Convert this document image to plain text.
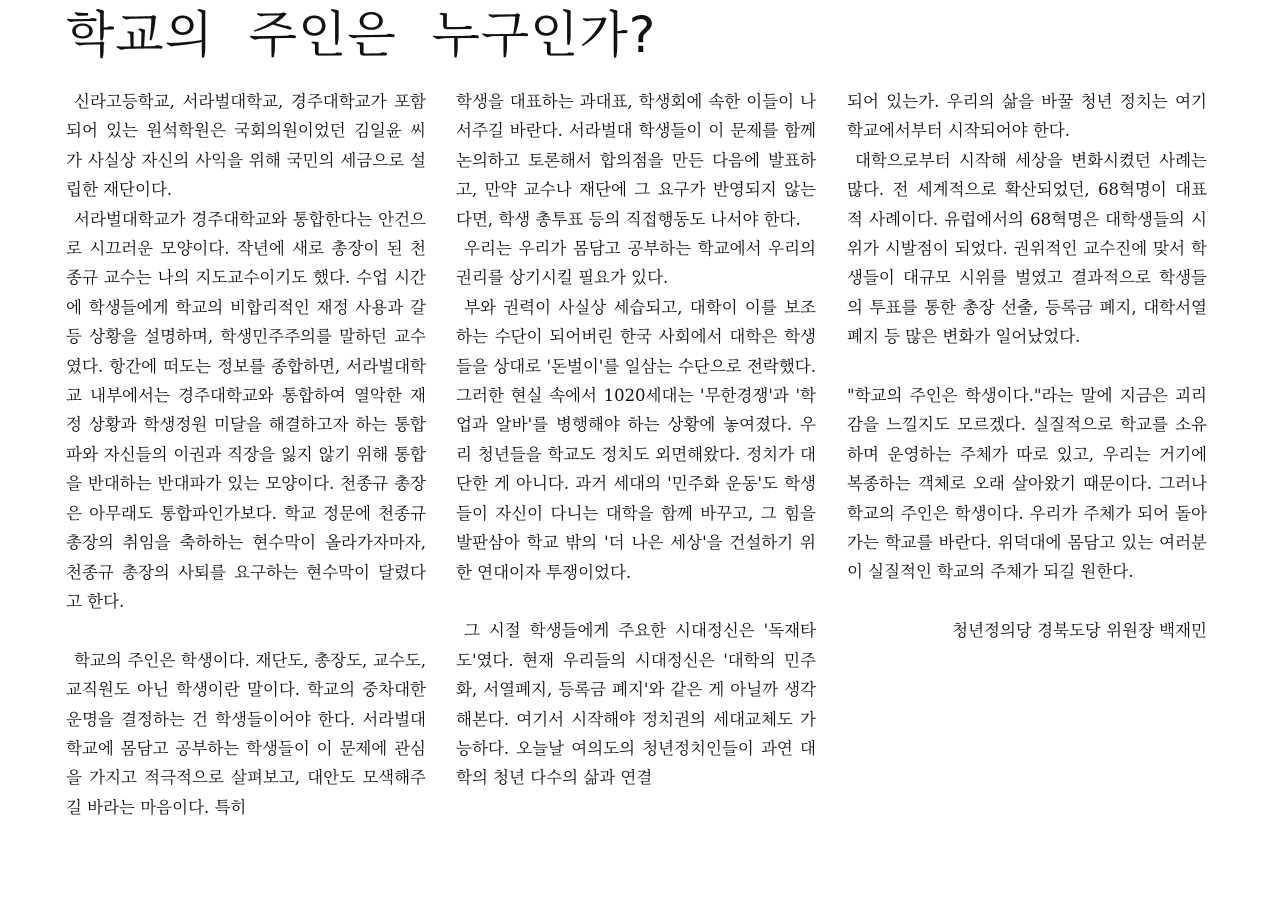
학교의 주인은 누구인가?

신라고등학교, 서라벌대학교, 경주대학교가 포함되어 있는 원석학원은 국회의원이었던 김일윤 씨가 사실상 자신의 사익을 위해 국민의 세금으로 설립한 재단이다.

서라벌대학교가 경주대학교와 통합한다는 안건으로 시끄러운 모양이다. 작년에 새로 총장이 된 천종규 교수는 나의 지도교수이기도 했다. 수업 시간에 학생들에게 학교의 비합리적인 재정 사용과 갈등 상황을 설명하며, 학생민주주의를 말하던 교수였다. 항간에 떠도는 정보를 종합하면, 서라벌대학교 내부에서는 경주대학교와 통합하여 열악한 재정 상황과 학생정원 미달을 해결하고자 하는 통합파와 자신들의 이권과 직장을 잃지 않기 위해 통합을 반대하는 반대파가 있는 모양이다. 천종규 총장은 아무래도 통합파인가보다. 학교 정문에 천종규 총장의 취임을 축하하는 현수막이 올라가자마자, 천종규 총장의 사퇴를 요구하는 현수막이 달렸다고 한다.

학교의 주인은 학생이다. 재단도, 총장도, 교수도, 교직원도 아닌 학생이란 말이다. 학교의 중차대한 운명을 결정하는 건 학생들이어야 한다. 서라벌대학교에 몸담고 공부하는 학생들이 이 문제에 관심을 가지고 적극적으로 살펴보고, 대안도 모색해주길 바라는 마음이다. 특히

학생을 대표하는 과대표, 학생회에 속한 이들이 나서주길 바란다. 서라벌대 학생들이 이 문제를 함께 논의하고 토론해서 합의점을 만든 다음에 발표하고, 만약 교수나 재단에 그 요구가 반영되지 않는다면, 학생 총투표 등의 직접행동도 나서야 한다.

우리는 우리가 몸담고 공부하는 학교에서 우리의 권리를 상기시킬 필요가 있다.

부와 권력이 사실상 세습되고, 대학이 이를 보조하는 수단이 되어버린 한국 사회에서 대학은 학생들을 상대로 '돈벌이'를 일삼는 수단으로 전락했다. 그러한 현실 속에서 1020세대는 '무한경쟁'과 '학업과 알바'를 병행해야 하는 상황에 놓여졌다. 우리 청년들을 학교도 정치도 외면해왔다. 정치가 대단한 게 아니다. 과거 세대의 '민주화 운동'도 학생들이 자신이 다니는 대학을 함께 바꾸고, 그 힘을 발판삼아 학교 밖의 '더 나은 세상'을 건설하기 위한 연대이자 투쟁이었다.

그 시절 학생들에게 주요한 시대정신은 '독재타도'였다. 현재 우리들의 시대정신은 '대학의 민주화, 서열폐지, 등록금 폐지'와 같은 게 아닐까 생각해본다. 여기서 시작해야 정치권의 세대교체도 가능하다. 오늘날 여의도의 청년정치인들이 과연 대학의 청년 다수의 삶과 연결

되어 있는가. 우리의 삶을 바꿀 청년 정치는 여기 학교에서부터 시작되어야 한다.

대학으로부터 시작해 세상을 변화시켰던 사례는 많다. 전 세계적으로 확산되었던, 68혁명이 대표적 사례이다. 유럽에서의 68혁명은 대학생들의 시위가 시발점이 되었다. 권위적인 교수진에 맞서 학생들이 대규모 시위를 벌였고 결과적으로 학생들의 투표를 통한 총장 선출, 등록금 폐지, 대학서열 폐지 등 많은 변화가 일어났었다.

"학교의 주인은 학생이다."라는 말에 지금은 괴리감을 느낄지도 모르겠다. 실질적으로 학교를 소유하며 운영하는 주체가 따로 있고, 우리는 거기에 복종하는 객체로 오래 살아왔기 때문이다. 그러나 학교의 주인은 학생이다. 우리가 주체가 되어 돌아가는 학교를 바란다. 위덕대에 몸담고 있는 여러분이 실질적인 학교의 주체가 되길 원한다.

청년정의당 경북도당 위원장 백재민
